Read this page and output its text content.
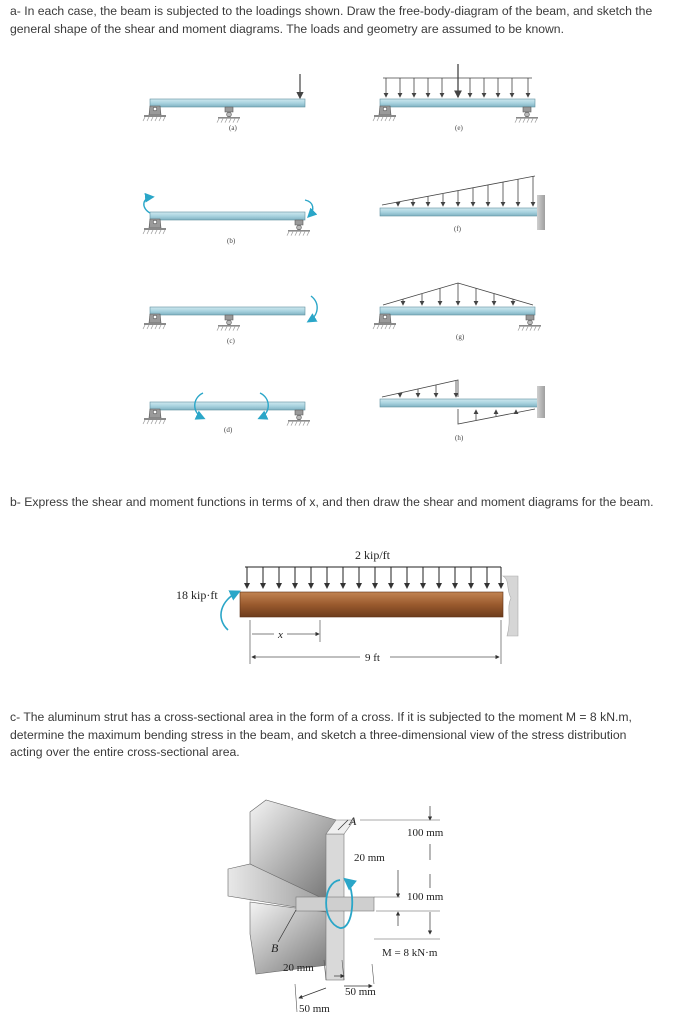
a- In each case, the beam is subjected to the loadings shown. Draw the free-body-diagram of the beam, and sketch the
general shape of the shear and moment diagrams. The loads and geometry are assumed to be known.
(a)	(e)
(b)
(f)
(c)	(g)
(d)
(h)
b- Express the shear and moment functions in terms of x, and then draw the shear and moment diagrams for the beam.
2 kip/ft
18 kip·ft
x
9 ft
c- The aluminum strut has a cross-sectional area in the form of a cross. If it is subjected to the moment M = 8 kN.m,
determine the maximum bending stress in the beam, and sketch a three-dimensional view of the stress distribution
acting over the entire cross-sectional area.
A
B
100 mm
20 mm
100 mm
M = 8 kN·m
20 mm
50 mm
50 mm
